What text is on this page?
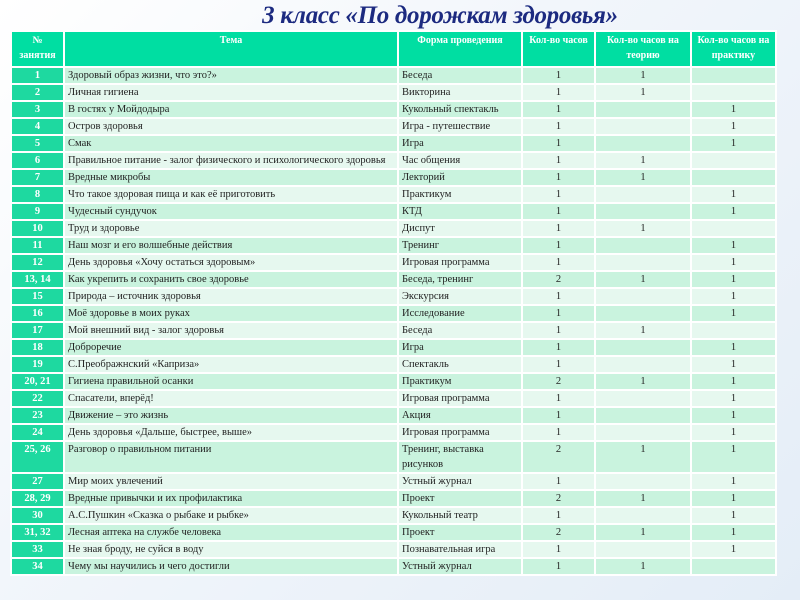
3 класс «По дорожкам здоровья»
№ занятия	Тема	Форма проведения	Кол-во часов	Кол-во часов на теорию	Кол-во часов на практику
1	Здоровый образ жизни, что это?»	Беседа	1	1	
2	Личная гигиена	Викторина	1	1	
3	В гостях у Мойдодыра	Кукольный спектакль	1		1
4	Остров здоровья	Игра - путешествие	1		1
5	Смак	Игра	1		1
6	Правильное питание - залог физического и психологического здоровья	Час общения	1	1	
7	Вредные микробы	Лекторий	1	1	
8	Что такое здоровая пища и как её приготовить	Практикум	1		1
9	Чудесный сундучок	КТД	1		1
10	Труд и здоровье	Диспут	1	1	
11	Наш мозг и его волшебные действия	Тренинг	1		1
12	День здоровья «Хочу остаться здоровым»	Игровая программа	1		1
13, 14	Как укрепить и сохранить свое здоровье	Беседа, тренинг	2	1	1
15	Природа – источник здоровья	Экскурсия	1		1
16	Моё здоровье в моих руках	Исследование	1		1
17	Мой внешний вид - залог здоровья	Беседа	1	1	
18	Доброречие	Игра	1		1
19	С.Преображнский «Каприза»	Спектакль	1		1
20, 21	Гигиена правильной осанки	Практикум	2	1	1
22	Спасатели, вперёд!	Игровая программа	1		1
23	Движение – это жизнь	Акция	1		1
24	День здоровья «Дальше, быстрее, выше»	Игровая программа	1		1
25, 26	Разговор о правильном питании	Тренинг, выставка рисунков	2	1	1
27	Мир моих увлечений	Устный журнал	1		1
28, 29	Вредные привычки и их профилактика	Проект	2	1	1
30	А.С.Пушкин «Сказка о рыбаке и рыбке»	Кукольный театр	1		1
31, 32	Лесная аптека на службе человека	Проект	2	1	1
33	Не зная броду, не суйся в воду	Познавательная игра	1		1
34	Чему мы научились и чего достигли	Устный журнал	1	1	
